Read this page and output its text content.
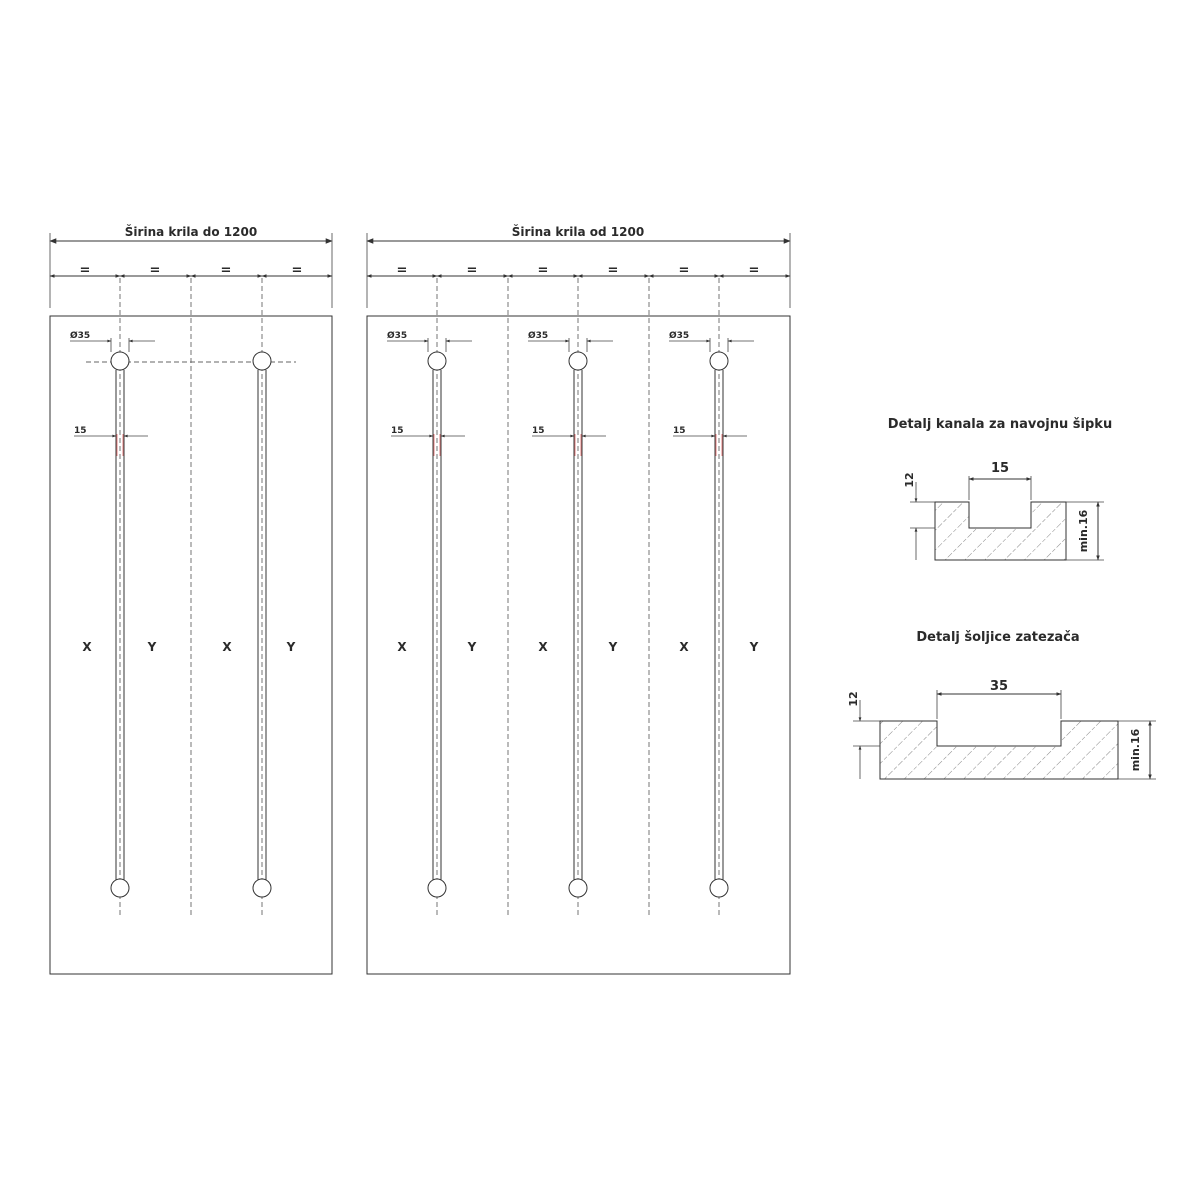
Širina krila do 1200
=	=	=	=
Ø35
15
X	Y	X	Y
Širina krila od 1200
=	=	=	=	=	=
Ø35
15
Ø35
15
Ø35
15
X	Y	X	Y	X	Y
Detalj kanala za navojnu šipku
15
12
min.16
Detalj šoljice zatezača
35
12
min.16
